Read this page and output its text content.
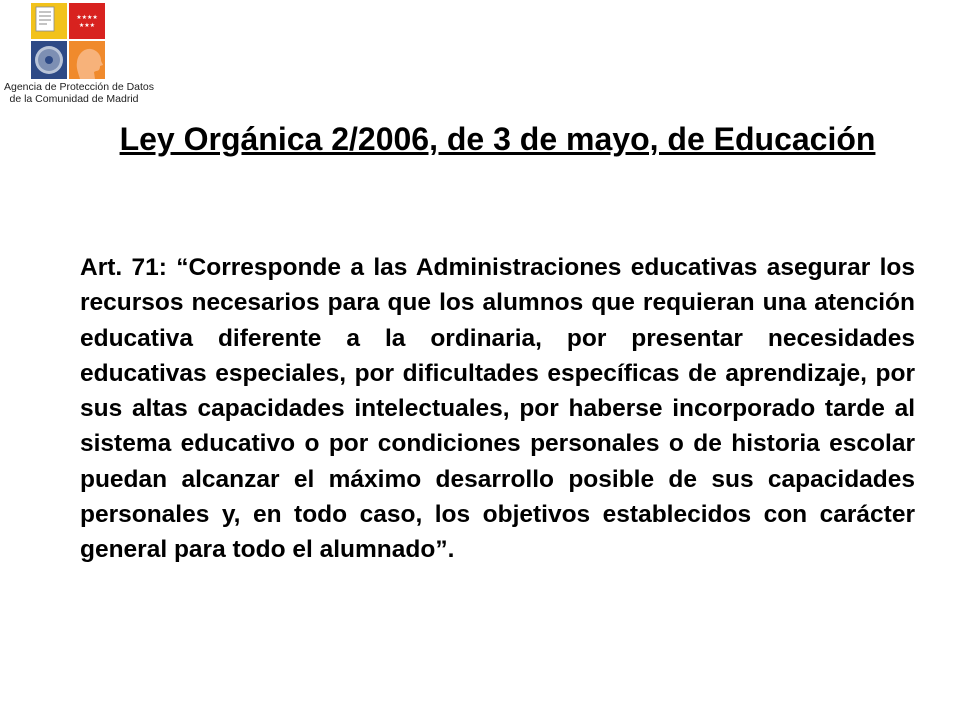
★★★★
★★★
Agencia de Protección de Datos
de la Comunidad de Madrid
Ley Orgánica 2/2006, de 3 de mayo, de Educación

Art. 71: “Corresponde a las Administraciones educativas asegurar los recursos necesarios para que los alumnos que requieran una atención educativa diferente a la ordinaria, por presentar necesidades educativas especiales, por dificultades específicas de aprendizaje, por sus altas capacidades intelectuales, por haberse incorporado tarde al sistema educativo o por condiciones personales o de historia escolar puedan alcanzar el máximo desarrollo posible de sus capacidades personales y, en todo caso, los objetivos establecidos con carácter general para todo el alumnado”.
